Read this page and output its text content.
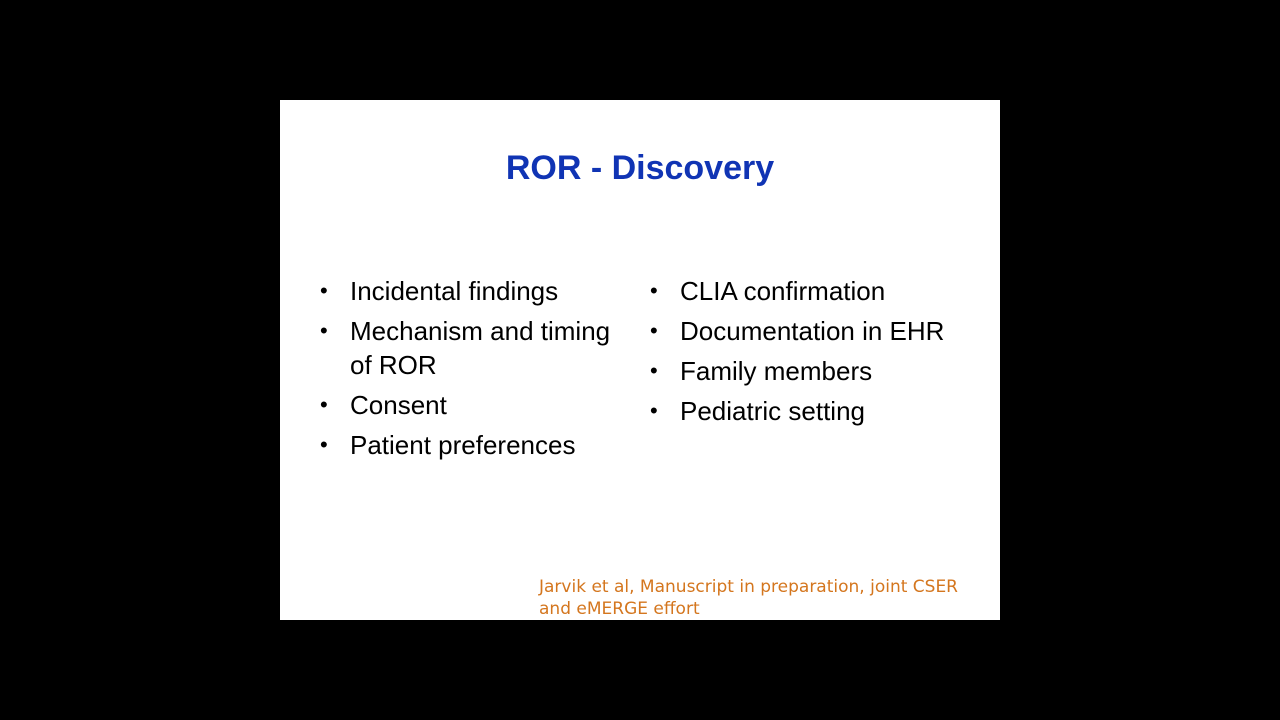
ROR - Discovery
• Incidental findings
• Mechanism and timing of ROR
• Consent
• Patient preferences
• CLIA confirmation
• Documentation in EHR
• Family members
• Pediatric setting

Jarvik et al, Manuscript in preparation, joint CSER and eMERGE effort
